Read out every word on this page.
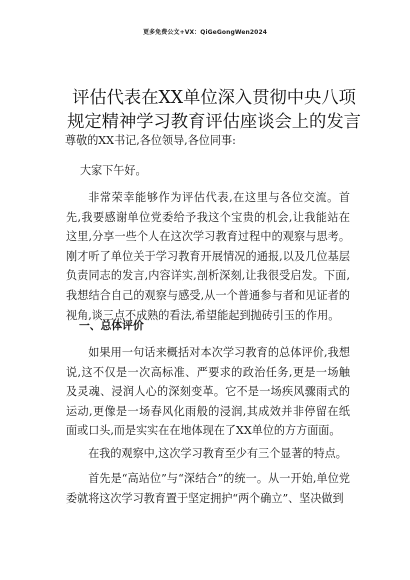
更多免费公文+VX：QiGeGongWen2024
评估代表在XX单位深入贯彻中央八项规定精神学习教育评估座谈会上的发言
尊敬的XX书记,各位领导,各位同事:
大家下午好。
非常荣幸能够作为评估代表,在这里与各位交流。首先,我要感谢单位党委给予我这个宝贵的机会,让我能站在这里,分享一些个人在这次学习教育过程中的观察与思考。刚才听了单位关于学习教育开展情况的通报,以及几位基层负责同志的发言,内容详实,剖析深刻,让我很受启发。下面,我想结合自己的观察与感受,从一个普通参与者和见证者的视角,谈三点不成熟的看法,希望能起到抛砖引玉的作用。
一、总体评价
如果用一句话来概括对本次学习教育的总体评价,我想说,这不仅是一次高标准、严要求的政治任务,更是一场触及灵魂、浸润人心的深刻变革。它不是一场疾风骤雨式的运动,更像是一场春风化雨般的浸润,其成效并非停留在纸面或口头,而是实实在在地体现在了XX单位的方方面面。
在我的观察中,这次学习教育至少有三个显著的特点。
首先是“高站位”与“深结合”的统一。从一开始,单位党委就将这次学习教育置于坚定拥护“两个确立”、坚决做到
